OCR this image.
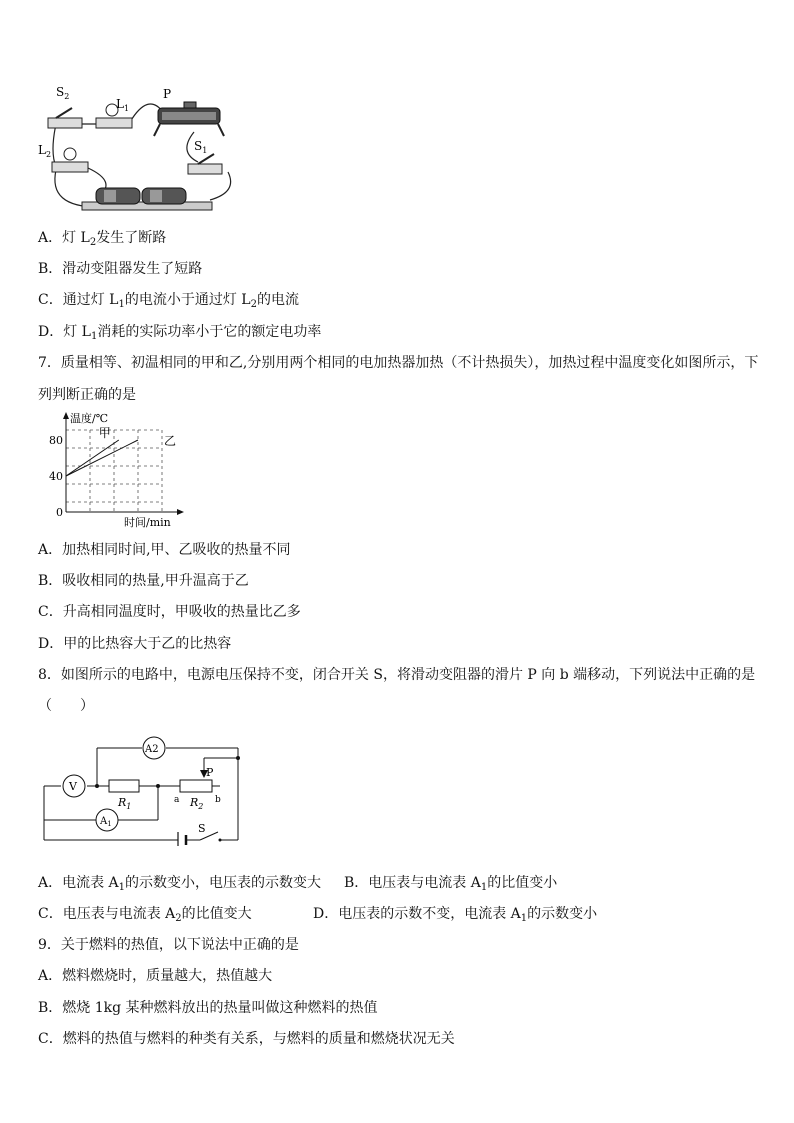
$S_2$
$L_1$
P
$L_2$
$S_1$
A．灯 $L_2$发生了断路
B．滑动变阻器发生了短路
C．通过灯 $L_1$的电流小于通过灯 $L_2$的电流
D．灯 $L_1$消耗的实际功率小于它的额定电功率
7．质量相等、初温相同的甲和乙,分别用两个相同的电加热器加热（不计热损失），加热过程中温度变化如图所示，下
列判断正确的是
温度/℃
时间/min
80
40
0
甲
乙
A．加热相同时间,甲、乙吸收的热量不同
B．吸收相同的热量,甲升温高于乙
C．升高相同温度时，甲吸收的热量比乙多
D．甲的比热容大于乙的比热容
8．如图所示的电路中，电源电压保持不变，闭合开关 S，将滑动变阻器的滑片 P 向 b 端移动，下列说法中正确的是
（　　）
A2
V
$R_1$
a $R_2$
b
P
$A_1$	S
A．电流表 $A_1$的示数变小，电压表的示数变大 B．电压表与电流表 $A_1$的比值变小
C．电压表与电流表 $A_2$的比值变大	D．电压表的示数不变，电流表 $A_1$的示数变小
9．关于燃料的热值，以下说法中正确的是
A．燃料燃烧时，质量越大，热值越大
B．燃烧 1kg 某种燃料放出的热量叫做这种燃料的热值
C．燃料的热值与燃料的种类有关系，与燃料的质量和燃烧状况无关
